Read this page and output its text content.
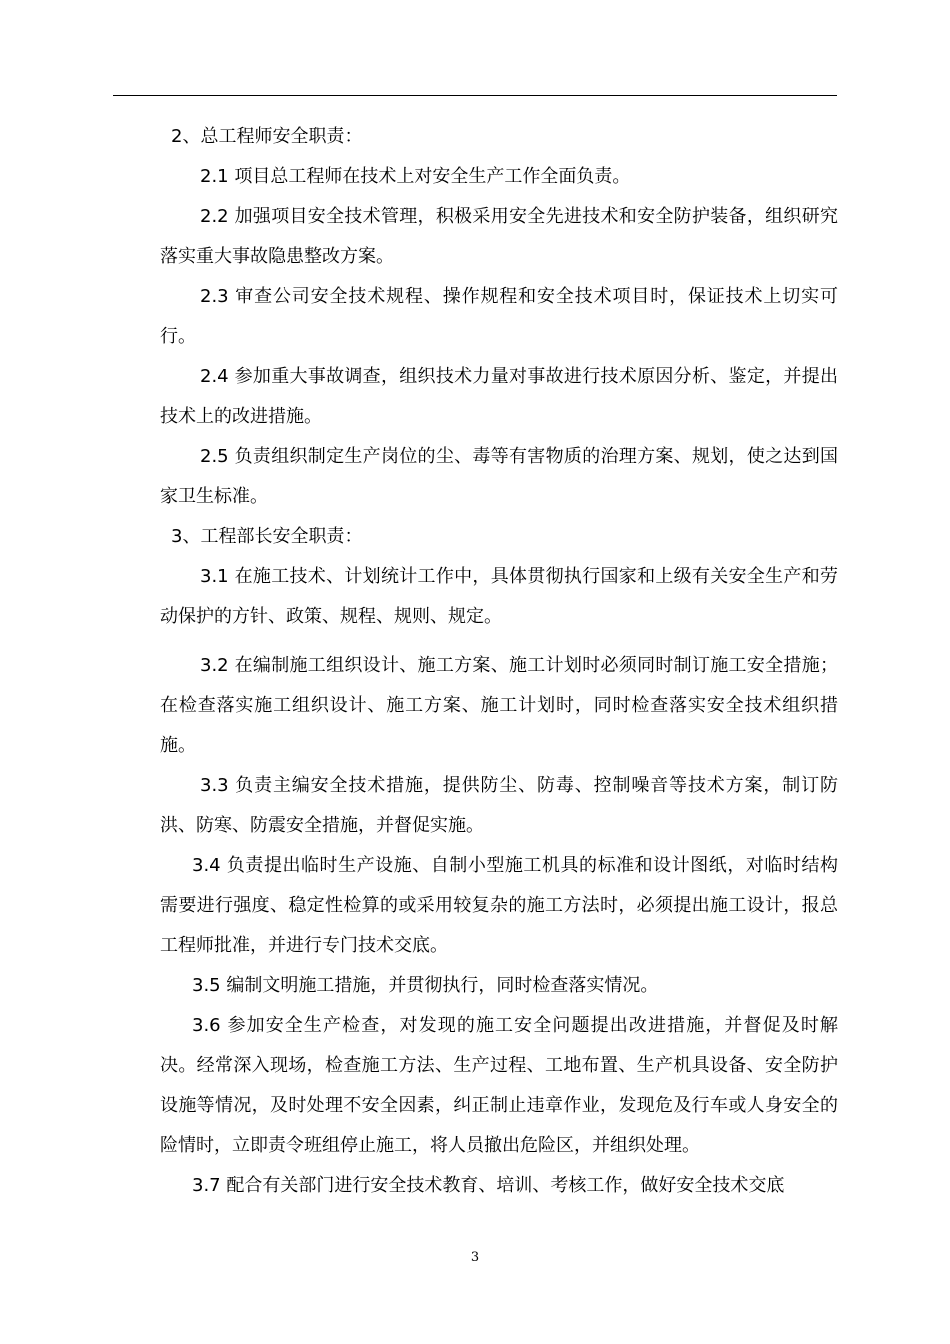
2、总工程师安全职责：

2.1 项目总工程师在技术上对安全生产工作全面负责。

2.2 加强项目安全技术管理，积极采用安全先进技术和安全防护装备，组织研究落实重大事故隐患整改方案。

2.3 审查公司安全技术规程、操作规程和安全技术项目时，保证技术上切实可行。

2.4 参加重大事故调查，组织技术力量对事故进行技术原因分析、鉴定，并提出技术上的改进措施。

2.5 负责组织制定生产岗位的尘、毒等有害物质的治理方案、规划，使之达到国家卫生标准。

3、工程部长安全职责：

3.1 在施工技术、计划统计工作中，具体贯彻执行国家和上级有关安全生产和劳动保护的方针、政策、规程、规则、规定。

3.2 在编制施工组织设计、施工方案、施工计划时必须同时制订施工安全措施；在检查落实施工组织设计、施工方案、施工计划时，同时检查落实安全技术组织措施。

3.3 负责主编安全技术措施，提供防尘、防毒、控制噪音等技术方案，制订防洪、防寒、防震安全措施，并督促实施。

3.4 负责提出临时生产设施、自制小型施工机具的标准和设计图纸，对临时结构需要进行强度、稳定性检算的或采用较复杂的施工方法时，必须提出施工设计，报总工程师批准，并进行专门技术交底。

3.5 编制文明施工措施，并贯彻执行，同时检查落实情况。

3.6 参加安全生产检查，对发现的施工安全问题提出改进措施，并督促及时解决。经常深入现场，检查施工方法、生产过程、工地布置、生产机具设备、安全防护设施等情况，及时处理不安全因素，纠正制止违章作业，发现危及行车或人身安全的险情时，立即责令班组停止施工，将人员撤出危险区，并组织处理。

3.7 配合有关部门进行安全技术教育、培训、考核工作，做好安全技术交底

3
